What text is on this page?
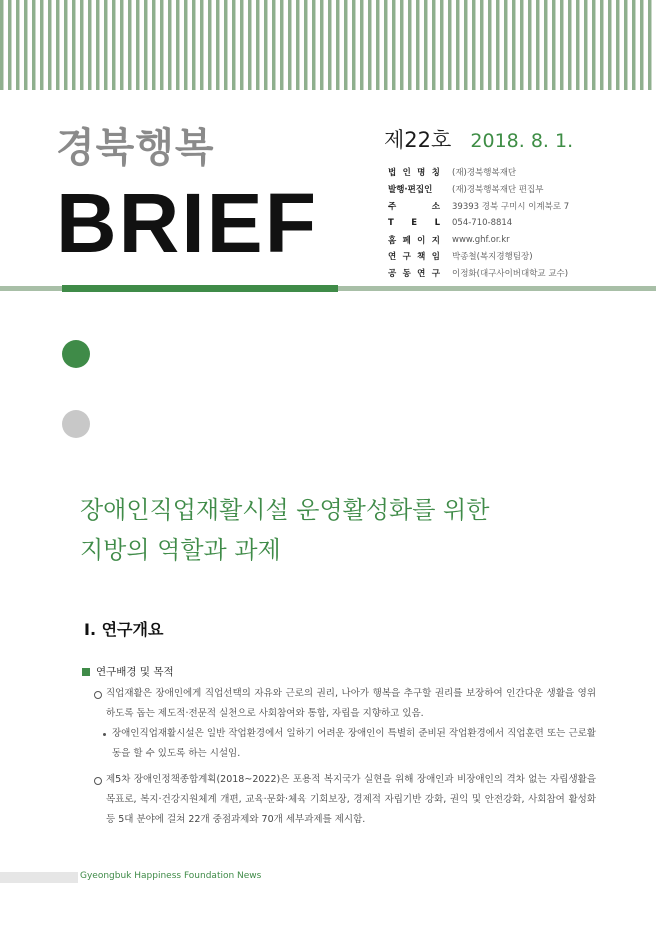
경북행복
BRIEF
제22호 2018. 8. 1.
법 인 명 칭 (재)경북행복재단
발행·편집인	(재)경북행복재단 편집부
주 소 39393 경북 구미시 이계북로 7
T E L 054-710-8814
홈 페 이 지 www.ghf.or.kr
연 구 책 임 박종철(복지경행팀장)
공 동 연 구 이정화(대구사이버대학교 교수)
장애인직업재활시설 운영활성화를 위한
지방의 역할과 과제
Ⅰ. 연구개요
연구배경 및 목적

직업재활은 장애인에게 직업선택의 자유와 근로의 권리, 나아가 행복을 추구할 권리를 보장하여 인간다운 생활을 영위하도록 돕는 제도적·전문적 실천으로 사회참여와 통합, 자립을 지향하고 있음.

장애인직업재활시설은 일반 작업환경에서 일하기 어려운 장애인이 특별히 준비된 작업환경에서 직업훈련 또는 근로활동을 할 수 있도록 하는 시설임.

제5차 장애인정책종합계획(2018~2022)은 포용적 복지국가 실현을 위해 장애인과 비장애인의 격차 없는 자립생활을 목표로, 복지·건강지원체계 개편, 교육·문화·체육 기회보장, 경제적 자립기반 강화, 권익 및 안전강화, 사회참여 활성화 등 5대 분야에 걸쳐 22개 중점과제와 70개 세부과제를 제시함.

Gyeongbuk Happiness Foundation News
